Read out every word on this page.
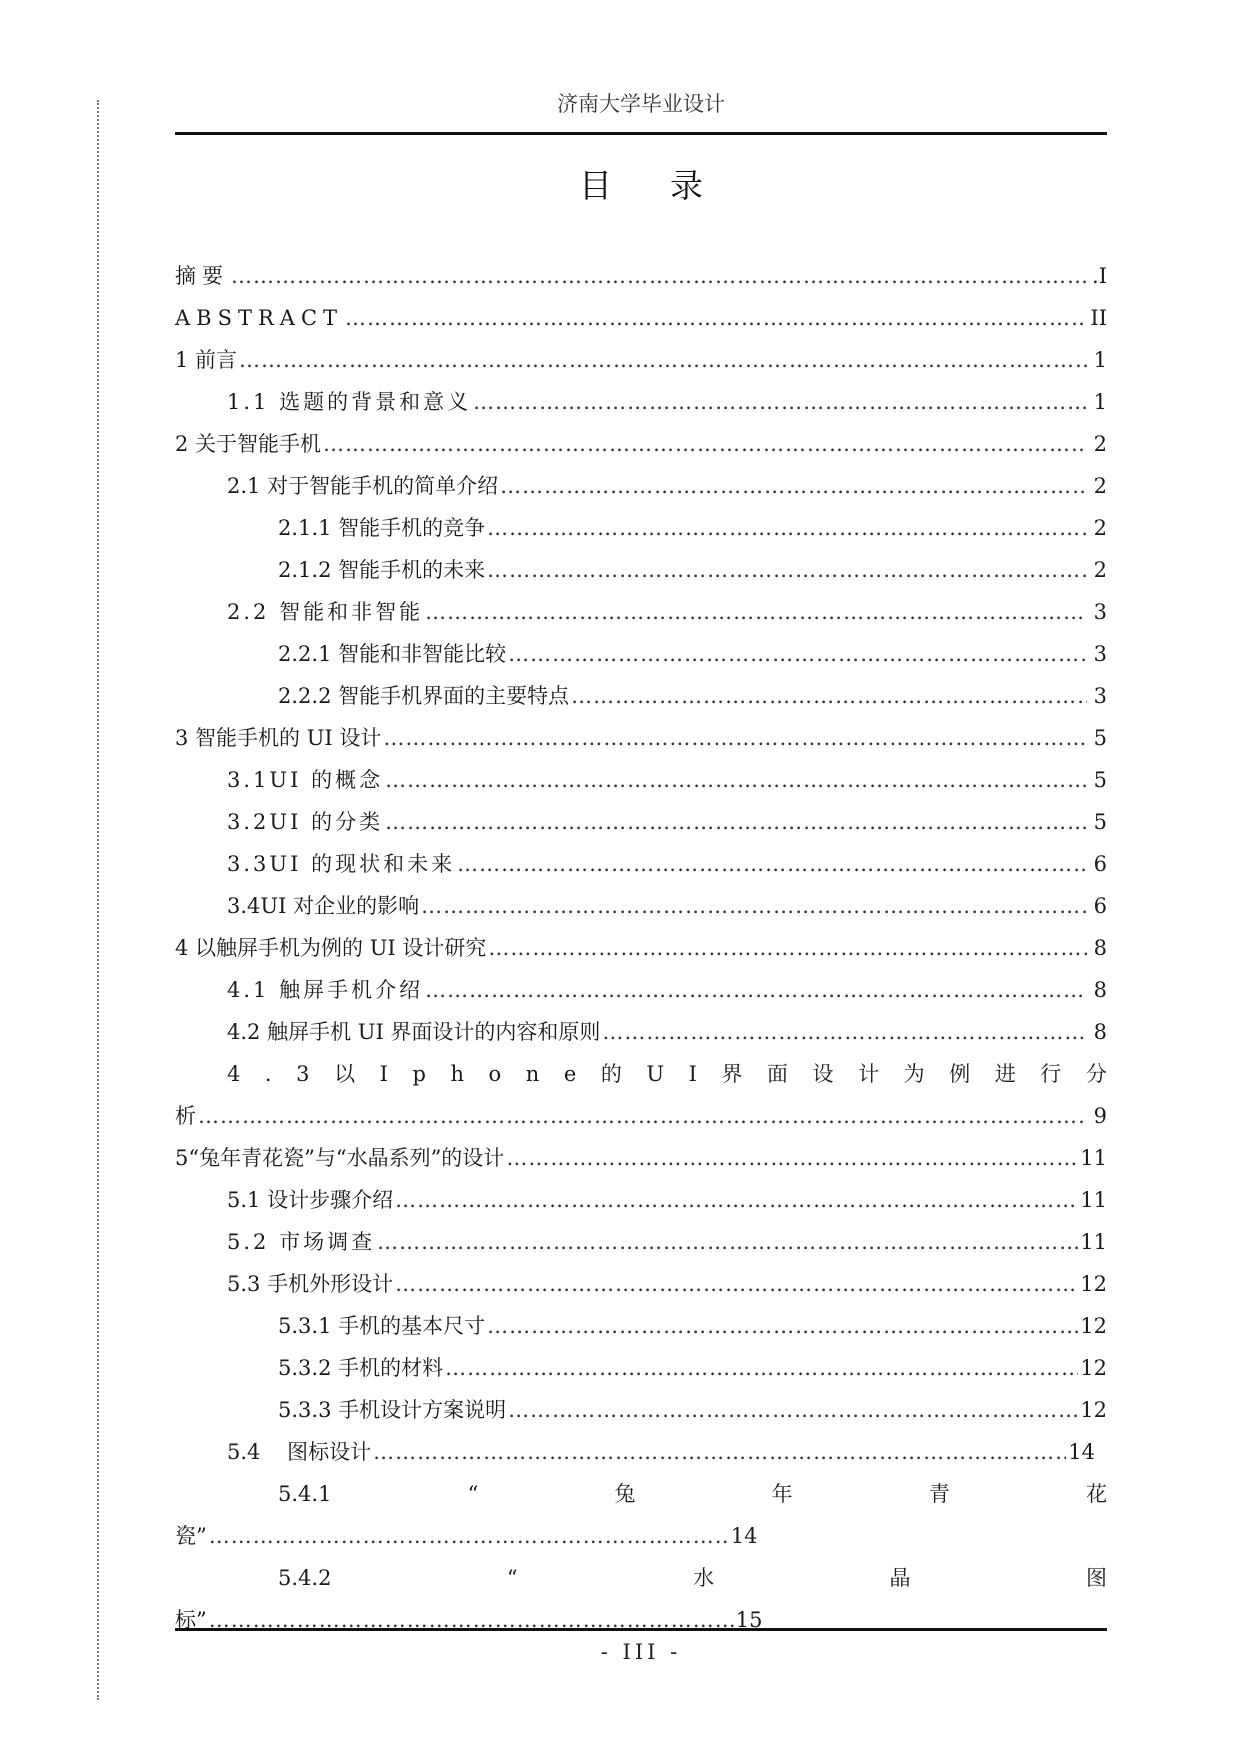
济南大学毕业设计
目录
摘要 ……………………………………………………………………………………………………………………………………………………………………………………	.I
ABSTRACT ……………………………………………………………………………………………………………………………………………………………………………………	II
1 前言 ……………………………………………………………………………………………………………………………………………………………………………………	1
1.1 选题的背景和意义 ……………………………………………………………………………………………………………………………………………………………………………………	1
2 关于智能手机 ……………………………………………………………………………………………………………………………………………………………………………………	2
2.1 对于智能手机的简单介绍 ……………………………………………………………………………………………………………………………………………………………………………………	2
2.1.1 智能手机的竞争 ……………………………………………………………………………………………………………………………………………………………………………………	2
2.1.2 智能手机的未来 ……………………………………………………………………………………………………………………………………………………………………………………	2
2.2 智能和非智能 ……………………………………………………………………………………………………………………………………………………………………………………	3
2.2.1 智能和非智能比较 ……………………………………………………………………………………………………………………………………………………………………………………	3
2.2.2 智能手机界面的主要特点 ……………………………………………………………………………………………………………………………………………………………………………………	3
3 智能手机的 UI 设计 ……………………………………………………………………………………………………………………………………………………………………………………	5
3.1UI 的概念 ……………………………………………………………………………………………………………………………………………………………………………………	5
3.2UI 的分类 ……………………………………………………………………………………………………………………………………………………………………………………	5
3.3UI 的现状和未来 ……………………………………………………………………………………………………………………………………………………………………………………	6
3.4UI 对企业的影响 ……………………………………………………………………………………………………………………………………………………………………………………	6
4 以触屏手机为例的 UI 设计研究 ……………………………………………………………………………………………………………………………………………………………………………………	8
4.1 触屏手机介绍 ……………………………………………………………………………………………………………………………………………………………………………………	8
4.2 触屏手机 UI 界面设计的内容和原则 ……………………………………………………………………………………………………………………………………………………………………………………	8
4 . 3 以 I p h o n e 的 U I 界 面 设 计 为 例 进 行 分
析 ……………………………………………………………………………………………………………………………………………………………………………………	9
5“兔年青花瓷”与“水晶系列”的设计 ……………………………………………………………………………………………………………………………………………………………………………………	11
5.1 设计步骤介绍 ……………………………………………………………………………………………………………………………………………………………………………………	11
5.2 市场调查 ……………………………………………………………………………………………………………………………………………………………………………………	11
5.3 手机外形设计 ……………………………………………………………………………………………………………………………………………………………………………………	12
5.3.1 手机的基本尺寸 ……………………………………………………………………………………………………………………………………………………………………………………	12
5.3.2 手机的材料 ……………………………………………………………………………………………………………………………………………………………………………………	12
5.3.3 手机设计方案说明 ……………………………………………………………………………………………………………………………………………………………………………………	12
5.4    图标设计 ……………………………………………………………………………………………………………………………………………………………………………………	14
5.4.1	“	兔	年	青	花
瓷” ……………………………………………………………………………………………………………………………………………………………………………………	14
5.4.2	“	水	晶	图
标” ……………………………………………………………………………………………………………………………………………………………………………………	15
- III -
